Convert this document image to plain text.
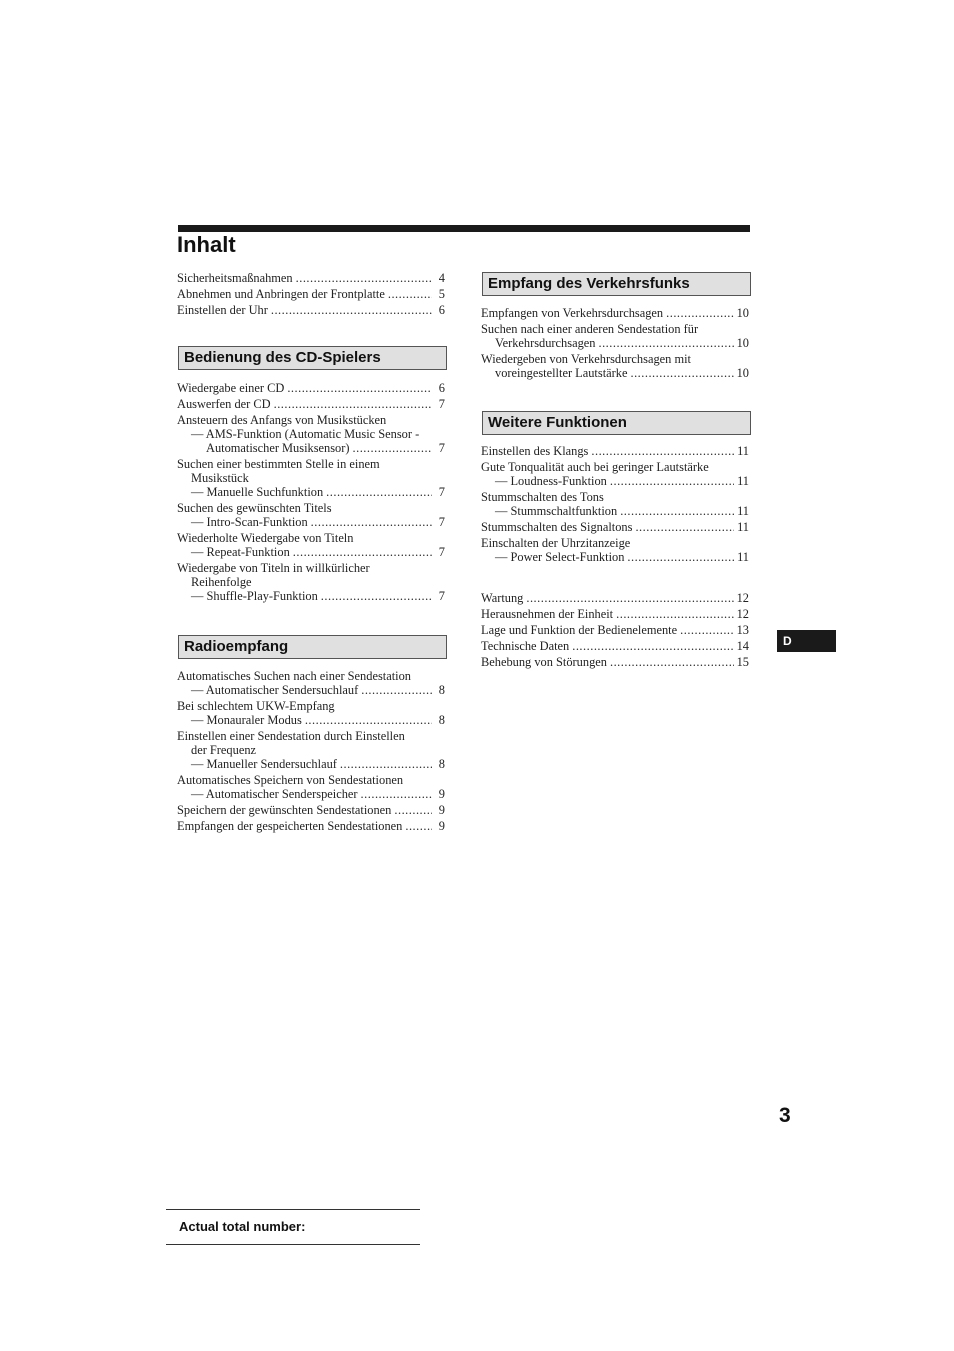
Inhalt
Sicherheitsmaßnahmen .....	4
Abnehmen und Anbringen der Frontplatte .....	5
Einstellen der Uhr .....	6
Bedienung des CD-Spielers
Wiedergabe einer CD .....	6
Auswerfen der CD .....	7
Ansteuern des Anfangs von Musikstücken
— AMS-Funktion (Automatic Music Sensor -
Automatischer Musiksensor) .....	7
Suchen einer bestimmten Stelle in einem
Musikstück
— Manuelle Suchfunktion .....	7
Suchen des gewünschten Titels
— Intro-Scan-Funktion .....	7
Wiederholte Wiedergabe von Titeln
— Repeat-Funktion .....	7
Wiedergabe von Titeln in willkürlicher
Reihenfolge
— Shuffle-Play-Funktion .....	7
Radioempfang
Automatisches Suchen nach einer Sendestation
— Automatischer Sendersuchlauf .....	8
Bei schlechtem UKW-Empfang
— Monauraler Modus .....	8
Einstellen einer Sendestation durch Einstellen
der Frequenz
— Manueller Sendersuchlauf .....	8
Automatisches Speichern von Sendestationen
— Automatischer Senderspeicher .....	9
Speichern der gewünschten Sendestationen .....	9
Empfangen der gespeicherten Sendestationen .....	9
Empfang des Verkehrsfunks
Empfangen von Verkehrsdurchsagen .....	10
Suchen nach einer anderen Sendestation für
Verkehrsdurchsagen .....	10
Wiedergeben von Verkehrsdurchsagen mit
voreingestellter Lautstärke .....	10
Weitere Funktionen
Einstellen des Klangs .....	11
Gute Tonqualität auch bei geringer Lautstärke
— Loudness-Funktion .....	11
Stummschalten des Tons
— Stummschaltfunktion .....	11
Stummschalten des Signaltons .....	11
Einschalten der Uhrzitanzeige
— Power Select-Funktion .....	11
Wartung .....	12
Herausnehmen der Einheit .....	12
Lage und Funktion der Bedienelemente .....	13
Technische Daten .....	14
Behebung von Störungen .....	15
D
3
Actual total number:
